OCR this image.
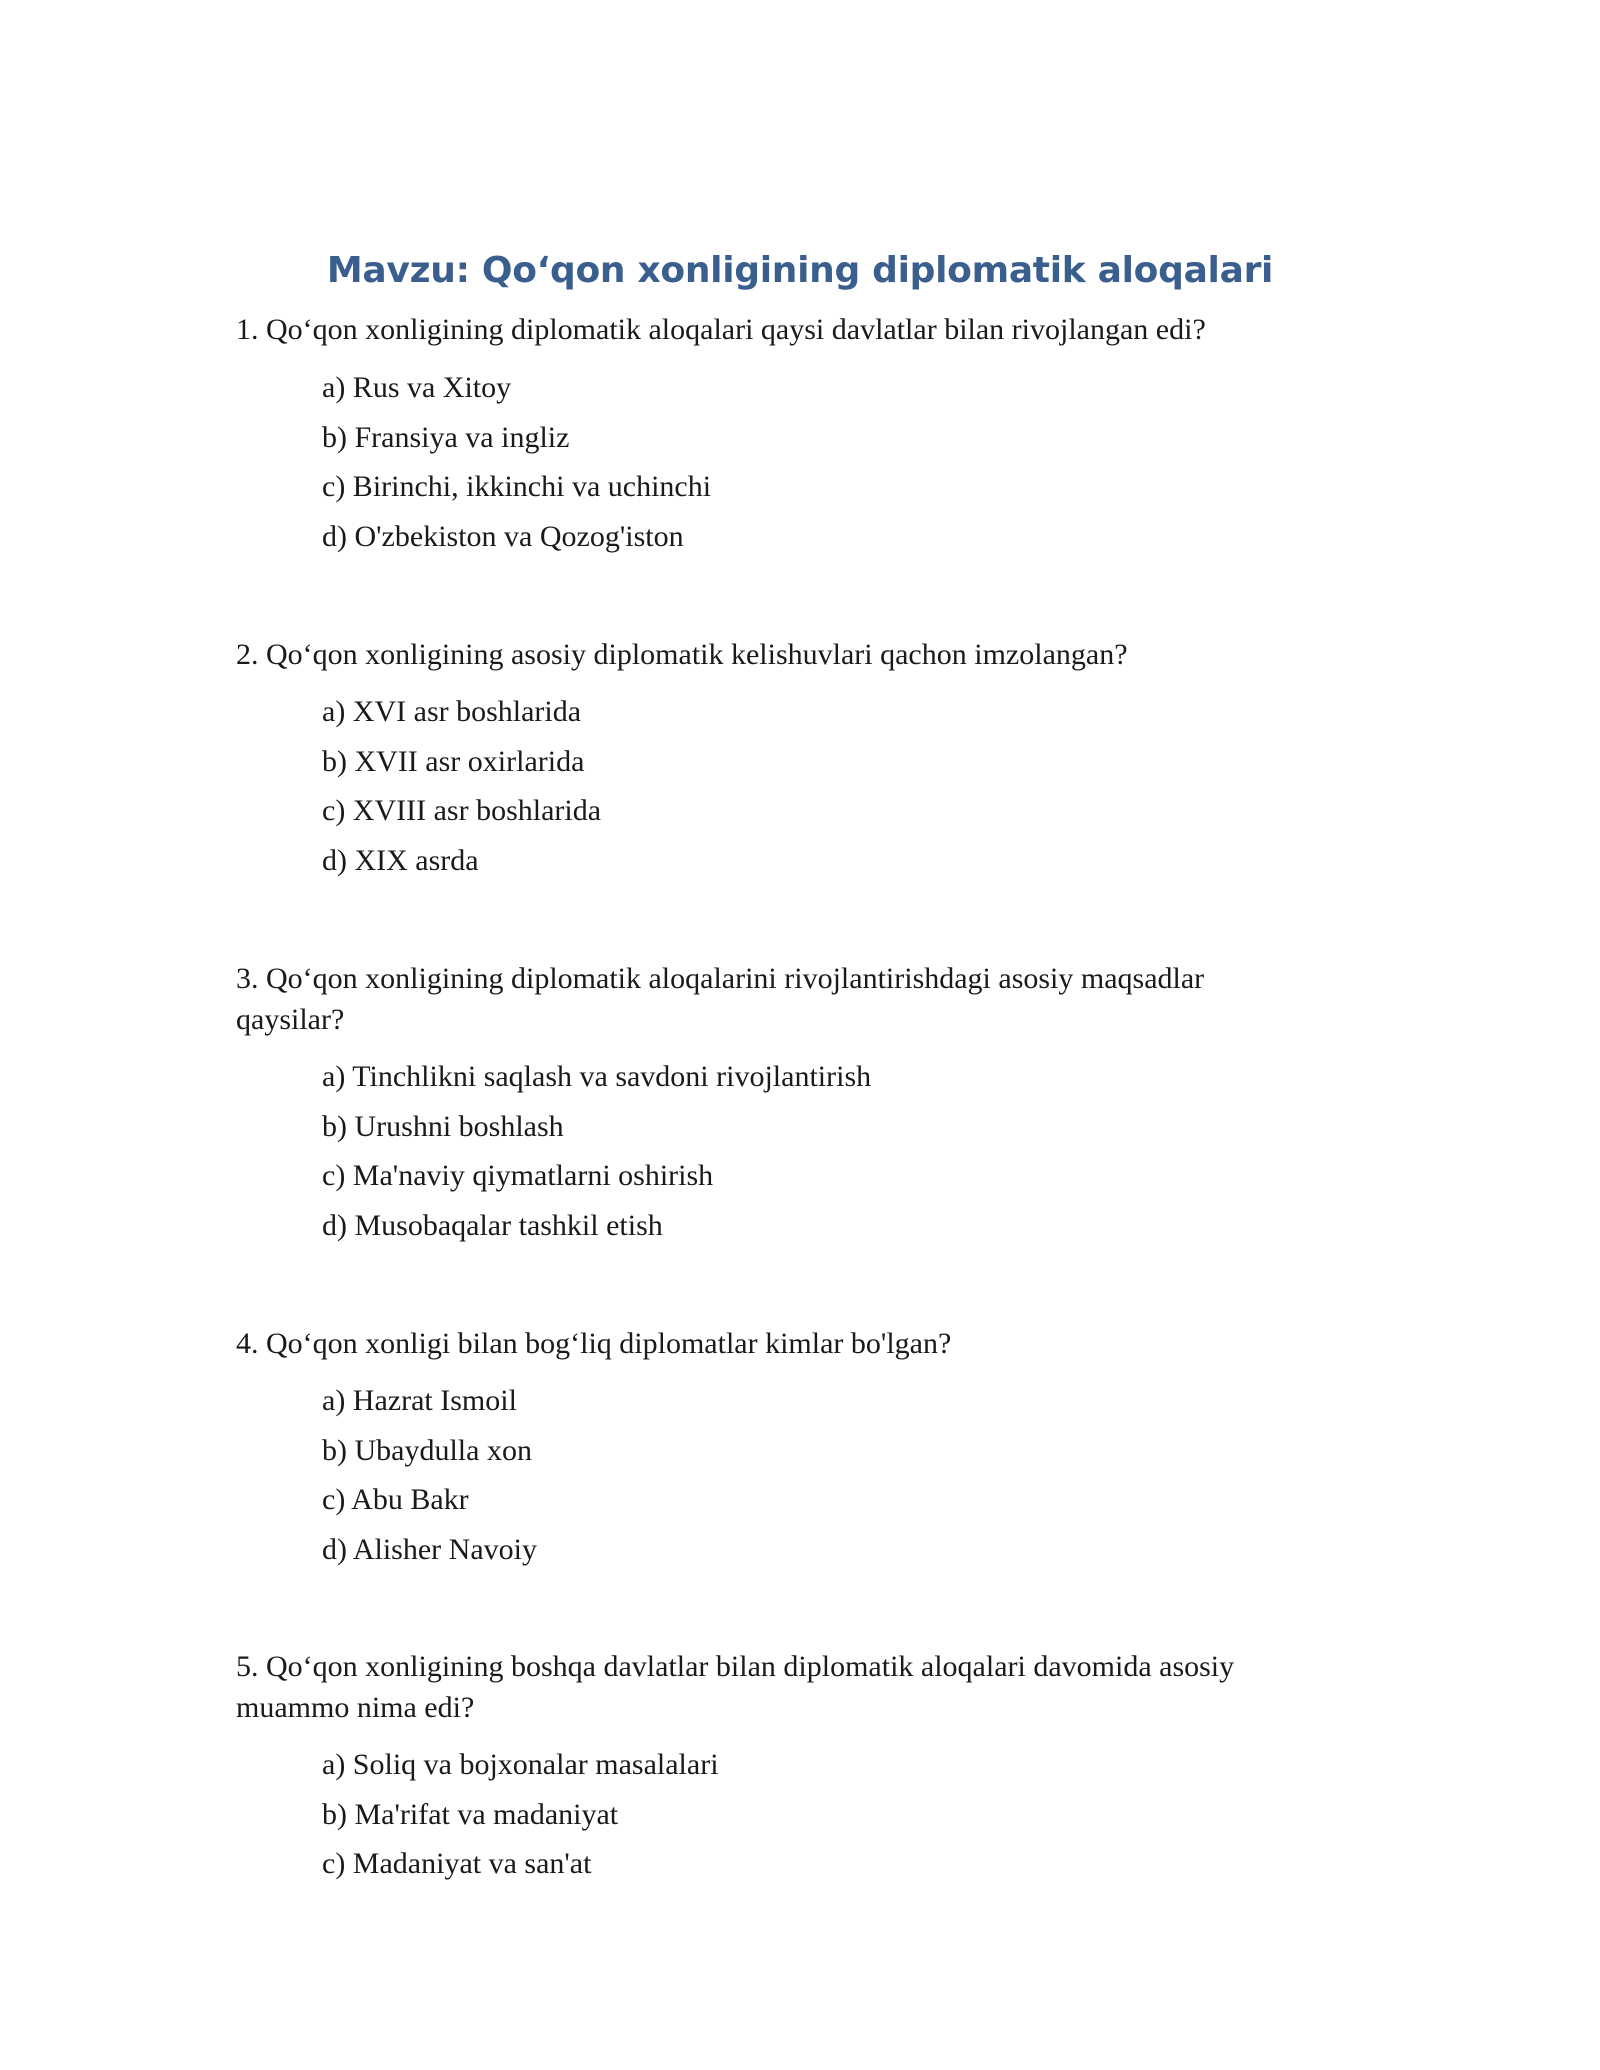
Mavzu: Qo‘qon xonligining diplomatik aloqalari
1. Qo‘qon xonligining diplomatik aloqalari qaysi davlatlar bilan rivojlangan edi?
a) Rus va Xitoy
b) Fransiya va ingliz
c) Birinchi, ikkinchi va uchinchi
d) O'zbekiston va Qozog'iston
2. Qo‘qon xonligining asosiy diplomatik kelishuvlari qachon imzolangan?
a) XVI asr boshlarida
b) XVII asr oxirlarida
c) XVIII asr boshlarida
d) XIX asrda
3. Qo‘qon xonligining diplomatik aloqalarini rivojlantirishdagi asosiy maqsadlar qaysilar?
a) Tinchlikni saqlash va savdoni rivojlantirish
b) Urushni boshlash
c) Ma'naviy qiymatlarni oshirish
d) Musobaqalar tashkil etish
4. Qo‘qon xonligi bilan bog‘liq diplomatlar kimlar bo'lgan?
a) Hazrat Ismoil
b) Ubaydulla xon
c) Abu Bakr
d) Alisher Navoiy
5. Qo‘qon xonligining boshqa davlatlar bilan diplomatik aloqalari davomida asosiy muammo nima edi?
a) Soliq va bojxonalar masalalari
b) Ma'rifat va madaniyat
c) Madaniyat va san'at
